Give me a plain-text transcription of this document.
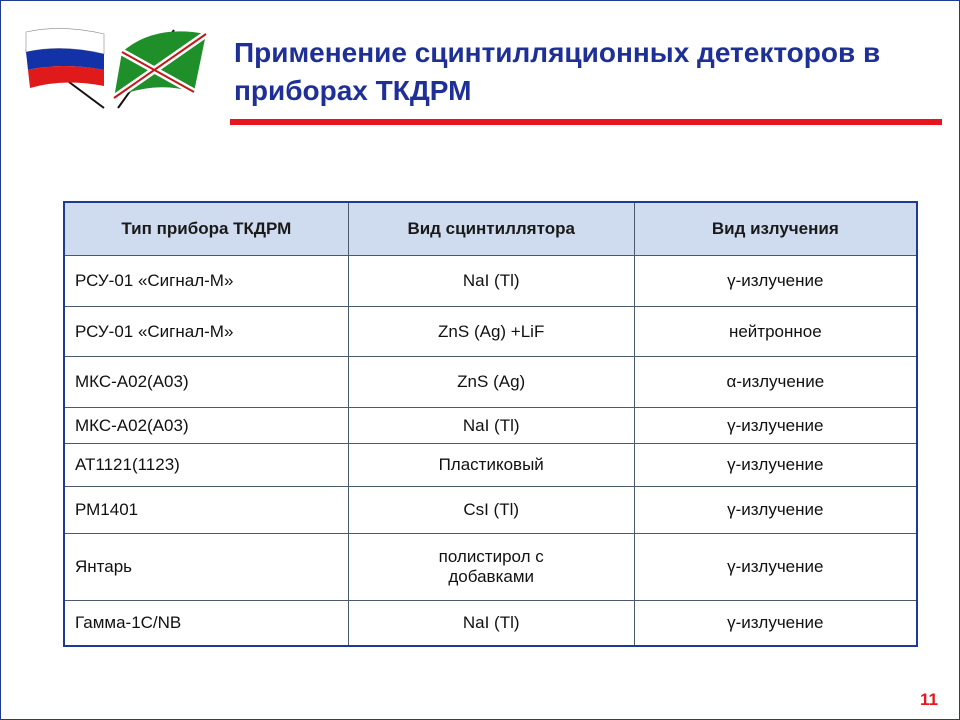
Применение сцинтилляционных детекторов в приборах ТКДРМ
Тип прибора ТКДРМ	Вид сцинтиллятора	Вид излучения
РСУ-01 «Сигнал-М»	NaI (Tl)	γ-излучение
РСУ-01 «Сигнал-М»	ZnS (Ag) +LiF	нейтронное
МКС-А02(А03)	ZnS (Ag)	α-излучение
МКС-А02(А03)	NaI (Tl)	γ-излучение
АТ1121(1123)	Пластиковый	γ-излучение
РМ1401	CsI (Tl)	γ-излучение
Янтарь	полистирол с добавками	γ-излучение
Гамма-1С/NB	NaI (Tl)	γ-излучение
11
